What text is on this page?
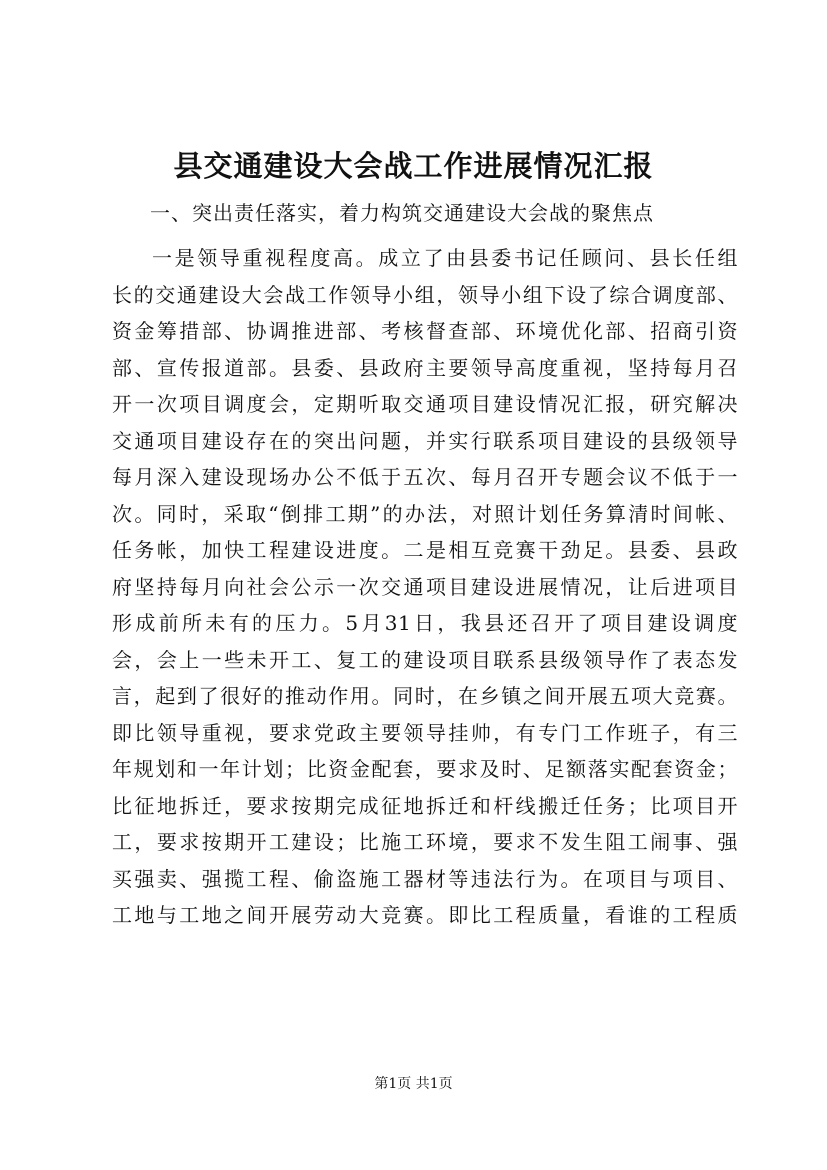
县交通建设大会战工作进展情况汇报

一、突出责任落实，着力构筑交通建设大会战的聚焦点

一是领导重视程度高。成立了由县委书记任顾问、县长任组
长的交通建设大会战工作领导小组，领导小组下设了综合调度部、
资金筹措部、协调推进部、考核督查部、环境优化部、招商引资
部、宣传报道部。县委、县政府主要领导高度重视，坚持每月召
开一次项目调度会，定期听取交通项目建设情况汇报，研究解决
交通项目建设存在的突出问题，并实行联系项目建设的县级领导
每月深入建设现场办公不低于五次、每月召开专题会议不低于一
次。同时，采取“倒排工期”的办法，对照计划任务算清时间帐、
任务帐，加快工程建设进度。二是相互竞赛干劲足。县委、县政
府坚持每月向社会公示一次交通项目建设进展情况，让后进项目
形成前所未有的压力。5月31日，我县还召开了项目建设调度
会，会上一些未开工、复工的建设项目联系县级领导作了表态发
言，起到了很好的推动作用。同时，在乡镇之间开展五项大竞赛。
即比领导重视，要求党政主要领导挂帅，有专门工作班子，有三
年规划和一年计划；比资金配套，要求及时、足额落实配套资金；
比征地拆迁，要求按期完成征地拆迁和杆线搬迁任务；比项目开
工，要求按期开工建设；比施工环境，要求不发生阻工闹事、强
买强卖、强揽工程、偷盗施工器材等违法行为。在项目与项目、
工地与工地之间开展劳动大竞赛。即比工程质量，看谁的工程质
第1页 共1页
